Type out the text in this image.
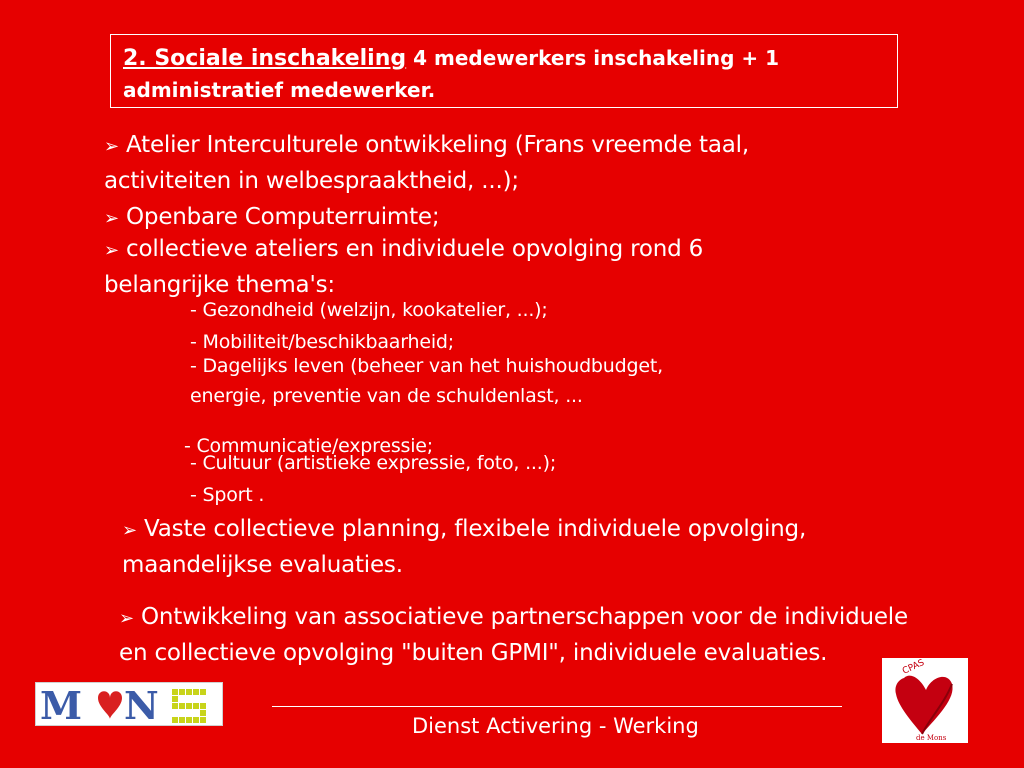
2. Sociale inschakeling 4 medewerkers inschakeling + 1 administratief medewerker.
➢ Atelier Interculturele ontwikkeling (Frans vreemde taal, activiteiten in welbespraaktheid, ...);
➢ Openbare Computerruimte;
➢ collectieve ateliers en individuele opvolging rond 6 belangrijke thema's:
- Gezondheid (welzijn, kookatelier, ...);
- Mobiliteit/beschikbaarheid;
- Dagelijks leven (beheer van het huishoudbudget, energie, preventie van de schuldenlast, ...
- Communicatie/expressie;
- Cultuur (artistieke expressie, foto, ...);
- Sport .
➢ Vaste collectieve planning, flexibele individuele opvolging, maandelijkse evaluaties.
➢ Ontwikkeling van associatieve partnerschappen voor de individuele en collectieve opvolging "buiten GPMI", individuele evaluaties.
M N	Dienst Activering - Werking
CPAS
de Mons
